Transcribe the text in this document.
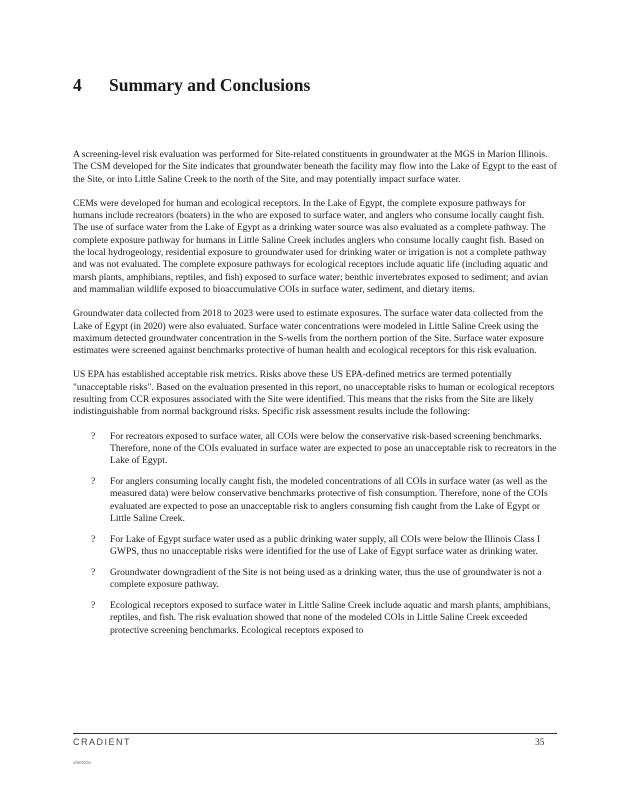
4 Summary and Conclusions

A screening-level risk evaluation was performed for Site-related constituents in groundwater at the MGS in Marion Illinois. The CSM developed for the Site indicates that groundwater beneath the facility may flow into the Lake of Egypt to the east of the Site, or into Little Saline Creek to the north of the Site, and may potentially impact surface water.

CEMs were developed for human and ecological receptors. In the Lake of Egypt, the complete exposure pathways for humans include recreators (boaters) in the who are exposed to surface water, and anglers who consume locally caught fish. The use of surface water from the Lake of Egypt as a drinking water source was also evaluated as a complete pathway. The complete exposure pathway for humans in Little Saline Creek includes anglers who consume locally caught fish. Based on the local hydrogeology, residential exposure to groundwater used for drinking water or irrigation is not a complete pathway and was not evaluated. The complete exposure pathways for ecological receptors include aquatic life (including aquatic and marsh plants, amphibians, reptiles, and fish) exposed to surface water; benthic invertebrates exposed to sediment; and avian and mammalian wildlife exposed to bioaccumulative COIs in surface water, sediment, and dietary items.

Groundwater data collected from 2018 to 2023 were used to estimate exposures. The surface water data collected from the Lake of Egypt (in 2020) were also evaluated. Surface water concentrations were modeled in Little Saline Creek using the maximum detected groundwater concentration in the S-wells from the northern portion of the Site. Surface water exposure estimates were screened against benchmarks protective of human health and ecological receptors for this risk evaluation.

US EPA has established acceptable risk metrics. Risks above these US EPA-defined metrics are termed potentially "unacceptable risks". Based on the evaluation presented in this report, no unacceptable risks to human or ecological receptors resulting from CCR exposures associated with the Site were identified. This means that the risks from the Site are likely indistinguishable from normal background risks. Specific risk assessment results include the following:

? For recreators exposed to surface water, all COIs were below the conservative risk-based screening benchmarks. Therefore, none of the COIs evaluated in surface water are expected to pose an unacceptable risk to recreators in the Lake of Egypt.
? For anglers consuming locally caught fish, the modeled concentrations of all COIs in surface water (as well as the measured data) were below conservative benchmarks protective of fish consumption. Therefore, none of the COIs evaluated are expected to pose an unacceptable risk to anglers consuming fish caught from the Lake of Egypt or Little Saline Creek.
? For Lake of Egypt surface water used as a public drinking water supply, all COIs were below the Illinois Class I GWPS, thus no unacceptable risks were identified for the use of Lake of Egypt surface water as drinking water.
? Groundwater downgradient of the Site is not being used as a drinking water, thus the use of groundwater is not a complete exposure pathway.
? Ecological receptors exposed to surface water in Little Saline Creek include aquatic and marsh plants, amphibians, reptiles, and fish. The risk evaluation showed that none of the modeled COIs in Little Saline Creek exceeded protective screening benchmarks. Ecological receptors exposed to
CRADIENT	35
v/60925v
